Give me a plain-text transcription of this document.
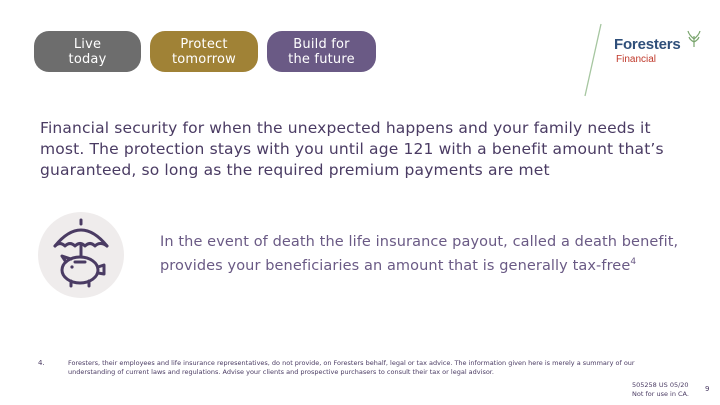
Live
today
Protect
tomorrow
Build for
the future
Foresters
Financial
Financial security for when the unexpected happens and your family needs it most. The protection stays with you until age 121 with a benefit amount that’s guaranteed, so long as the required premium payments are met
In the event of death the life insurance payout, called a death benefit, provides your beneficiaries an amount that is generally tax-free$^4$
4.	Foresters, their employees and life insurance representatives, do not provide, on Foresters behalf, legal or tax advice. The information given here is merely a summary of our understanding of current laws and regulations. Advise your clients and prospective purchasers to consult their tax or legal advisor.
505258 US 05/20
Not for use in CA.
9
